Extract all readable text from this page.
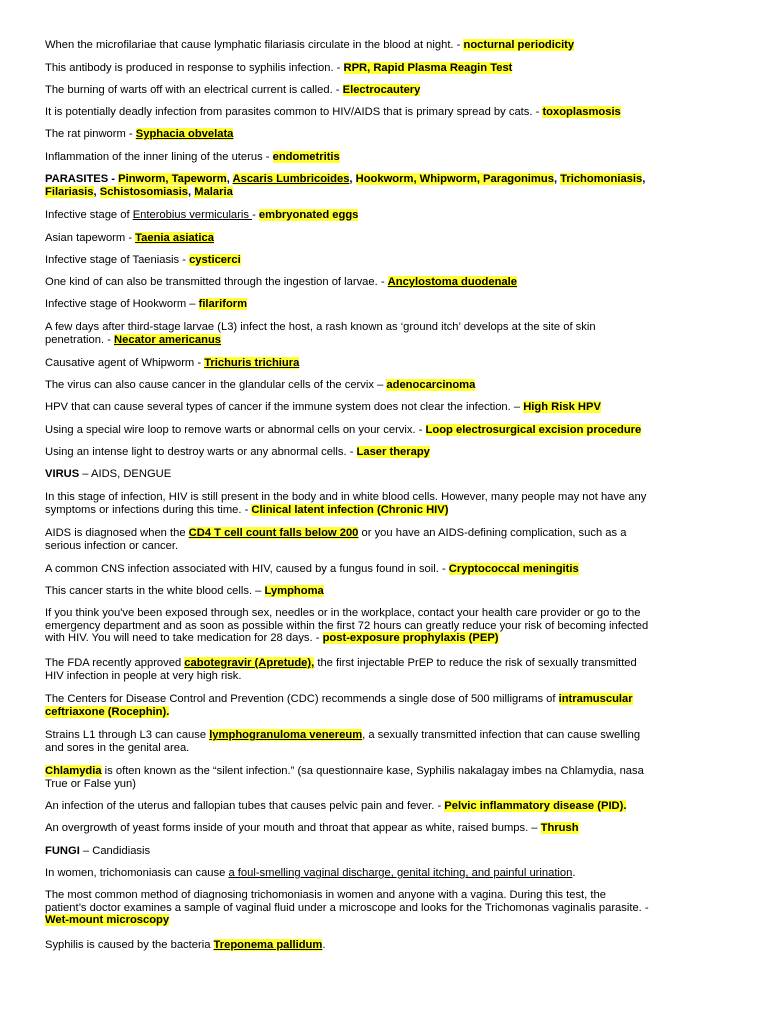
When the microfilariae that cause lymphatic filariasis circulate in the blood at night. - nocturnal periodicity
This antibody is produced in response to syphilis infection. - RPR, Rapid Plasma Reagin Test
The burning of warts off with an electrical current is called. - Electrocautery
It is potentially deadly infection from parasites common to HIV/AIDS that is primary spread by cats. - toxoplasmosis
The rat pinworm - Syphacia obvelata
Inflammation of the inner lining of the uterus - endometritis
PARASITES - Pinworm, Tapeworm, Ascaris Lumbricoides, Hookworm, Whipworm, Paragonimus, Trichomoniasis,
Filariasis, Schistosomiasis, Malaria
Infective stage of Enterobius vermicularis - embryonated eggs
Asian tapeworm - Taenia asiatica
Infective stage of Taeniasis - cysticerci
One kind of can also be transmitted through the ingestion of larvae. - Ancylostoma duodenale
Infective stage of Hookworm – filariform
A few days after third-stage larvae (L3) infect the host, a rash known as ‘ground itch’ develops at the site of skin
penetration. - Necator americanus
Causative agent of Whipworm - Trichuris trichiura
The virus can also cause cancer in the glandular cells of the cervix – adenocarcinoma
HPV that can cause several types of cancer if the immune system does not clear the infection. – High Risk HPV
Using a special wire loop to remove warts or abnormal cells on your cervix. - Loop electrosurgical excision procedure
Using an intense light to destroy warts or any abnormal cells. - Laser therapy
VIRUS – AIDS, DENGUE
In this stage of infection, HIV is still present in the body and in white blood cells. However, many people may not have any
symptoms or infections during this time. - Clinical latent infection (Chronic HIV)
AIDS is diagnosed when the CD4 T cell count falls below 200 or you have an AIDS-defining complication, such as a
serious infection or cancer.
A common CNS infection associated with HIV, caused by a fungus found in soil. - Cryptococcal meningitis
This cancer starts in the white blood cells. – Lymphoma
If you think you've been exposed through sex, needles or in the workplace, contact your health care provider or go to the
emergency department and as soon as possible within the first 72 hours can greatly reduce your risk of becoming infected
with HIV. You will need to take medication for 28 days. - post-exposure prophylaxis (PEP)
The FDA recently approved cabotegravir (Apretude), the first injectable PrEP to reduce the risk of sexually transmitted
HIV infection in people at very high risk.
The Centers for Disease Control and Prevention (CDC) recommends a single dose of 500 milligrams of intramuscular
ceftriaxone (Rocephin).
Strains L1 through L3 can cause lymphogranuloma venereum, a sexually transmitted infection that can cause swelling
and sores in the genital area.
Chlamydia is often known as the “silent infection.” (sa questionnaire kase, Syphilis nakalagay imbes na Chlamydia, nasa
True or False yun)
An infection of the uterus and fallopian tubes that causes pelvic pain and fever. - Pelvic inflammatory disease (PID).
An overgrowth of yeast forms inside of your mouth and throat that appear as white, raised bumps. – Thrush
FUNGI – Candidiasis
In women, trichomoniasis can cause a foul-smelling vaginal discharge, genital itching, and painful urination.
The most common method of diagnosing trichomoniasis in women and anyone with a vagina. During this test, the
patient’s doctor examines a sample of vaginal fluid under a microscope and looks for the Trichomonas vaginalis parasite. -
Wet-mount microscopy
Syphilis is caused by the bacteria Treponema pallidum.
